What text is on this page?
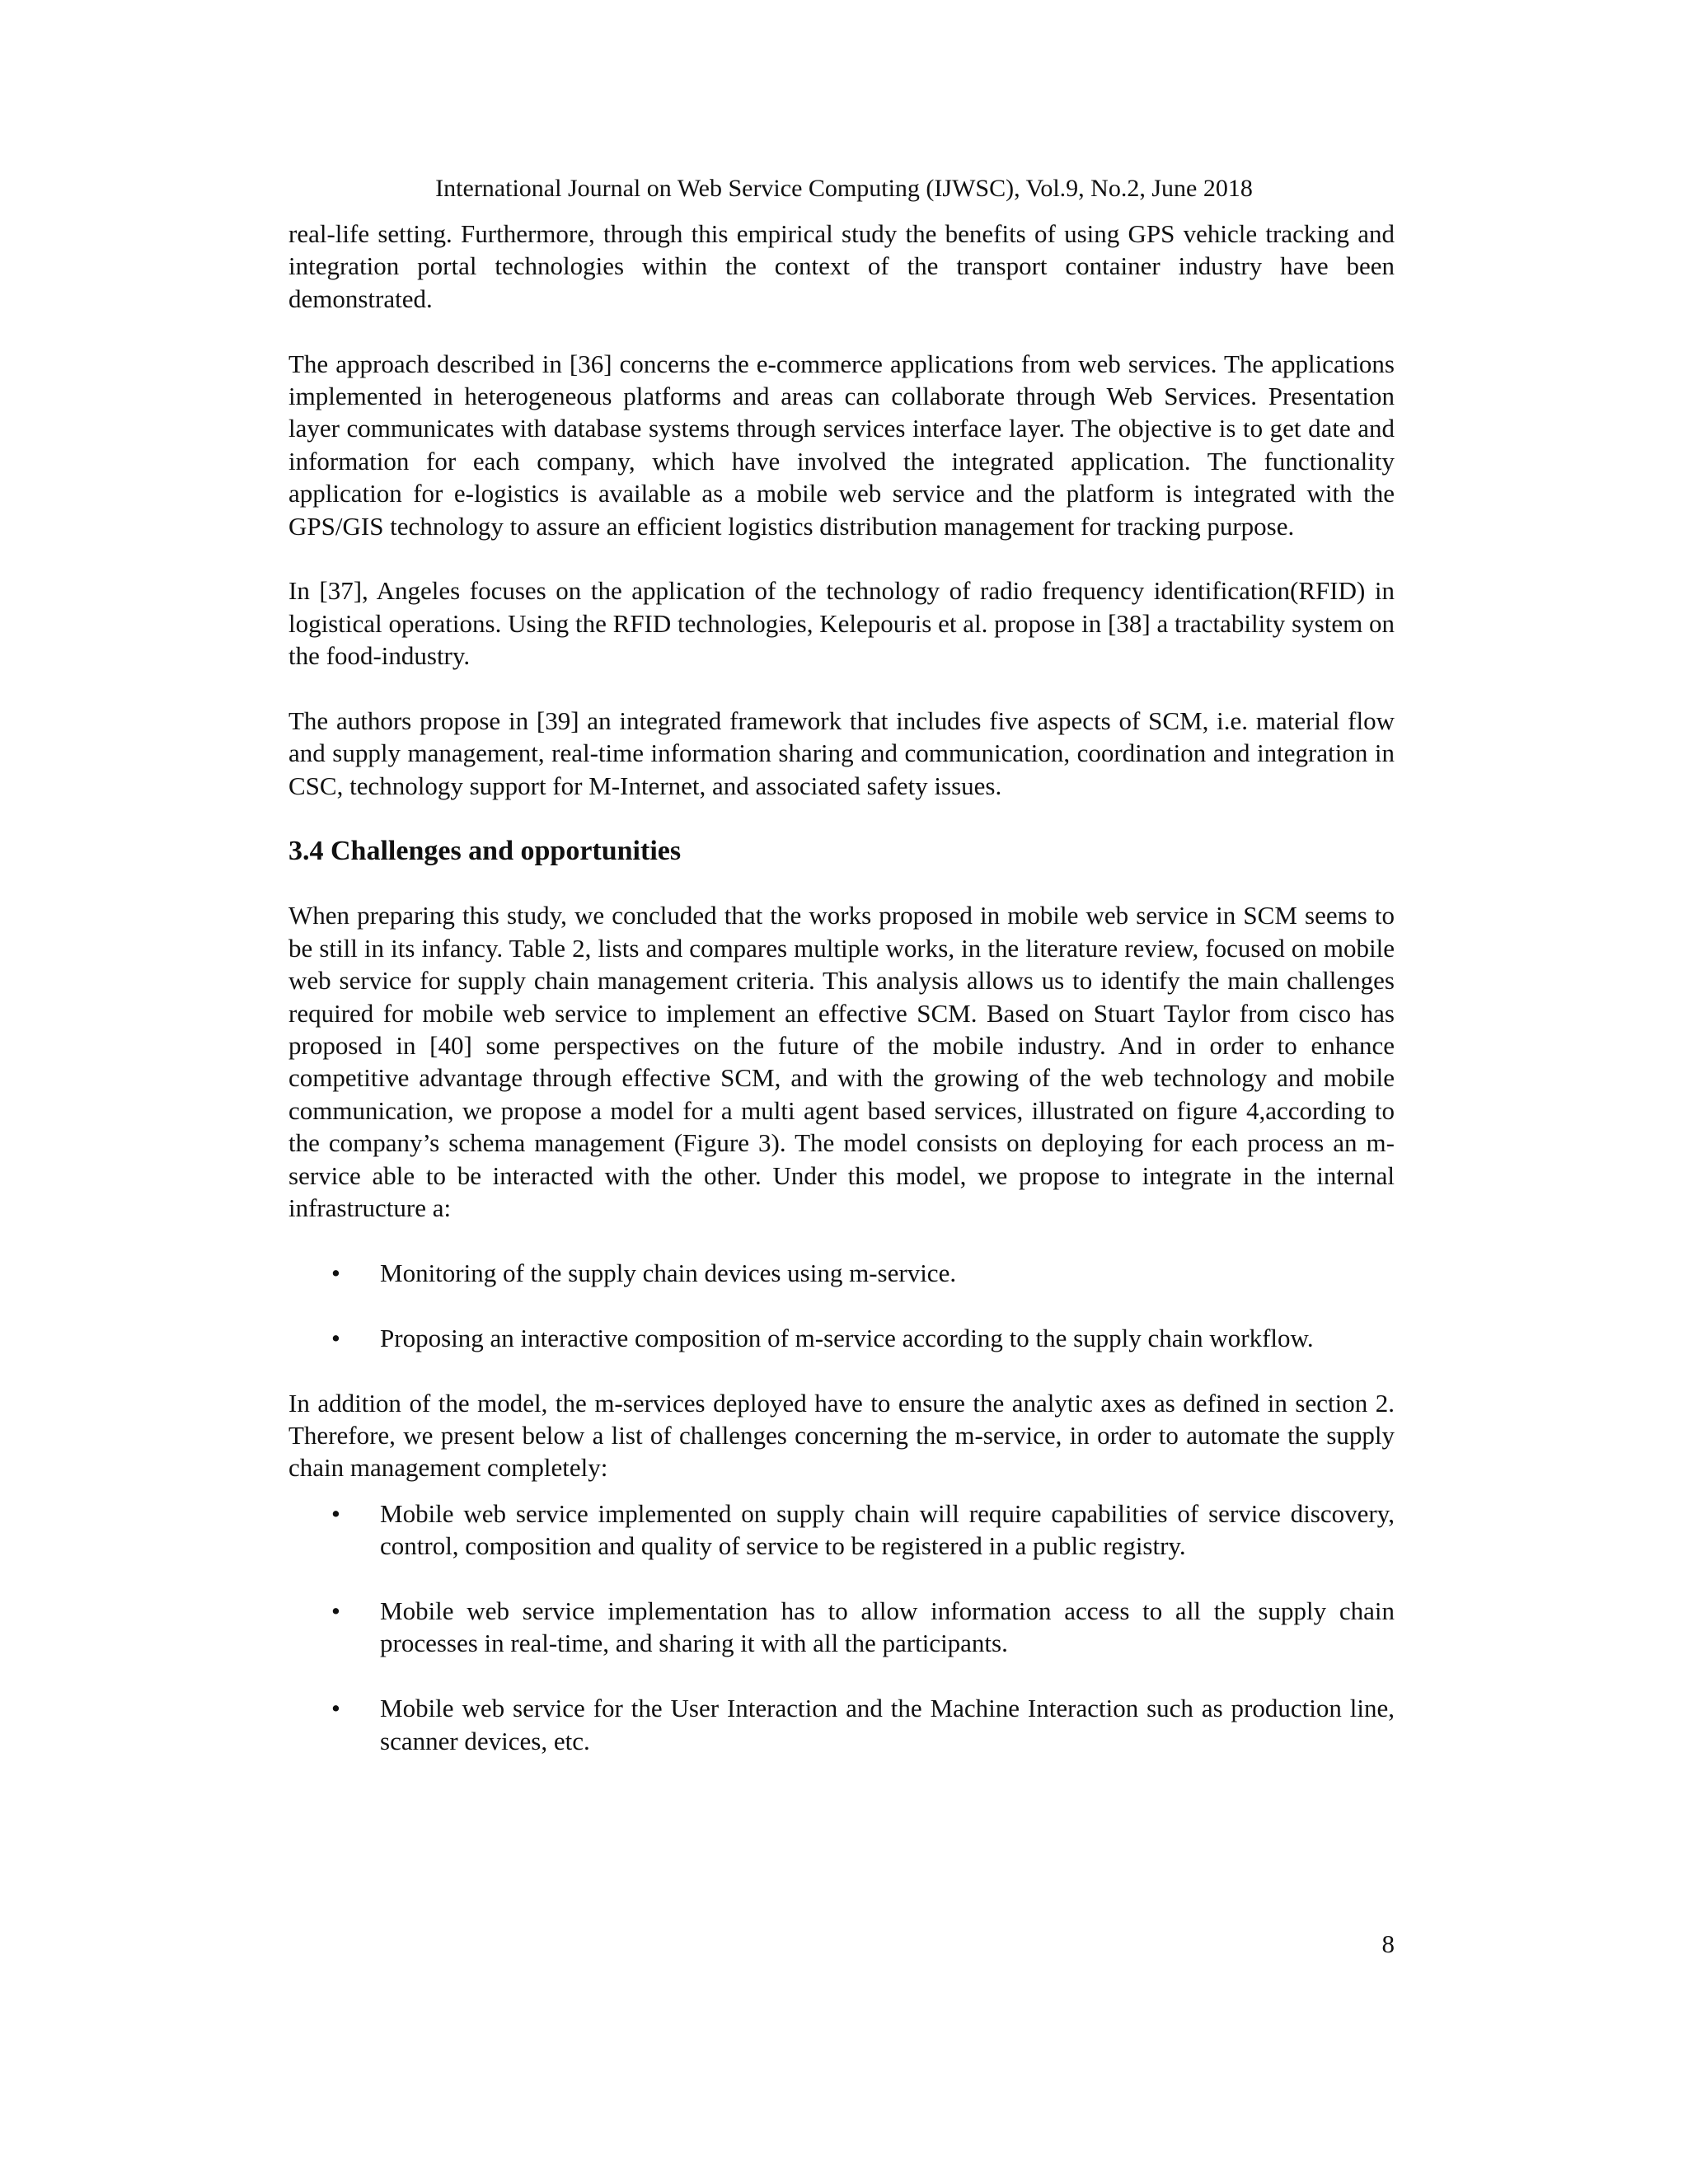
International Journal on Web Service Computing (IJWSC), Vol.9, No.2, June 2018

real-life setting. Furthermore, through this empirical study the benefits of using GPS vehicle tracking and integration portal technologies within the context of the transport container industry have been demonstrated.

The approach described in [36] concerns the e-commerce applications from web services. The applications implemented in heterogeneous platforms and areas can collaborate through Web Services. Presentation layer communicates with database systems through services interface layer. The objective is to get date and information for each company, which have involved the integrated application. The functionality application for e-logistics is available as a mobile web service and the platform is integrated with the GPS/GIS technology to assure an efficient logistics distribution management for tracking purpose.

In [37], Angeles focuses on the application of the technology of radio frequency identification(RFID) in logistical operations. Using the RFID technologies, Kelepouris et al. propose in [38] a tractability system on the food-industry.

The authors propose in [39] an integrated framework that includes five aspects of SCM, i.e. material flow and supply management, real-time information sharing and communication, coordination and integration in CSC, technology support for M-Internet, and associated safety issues.

3.4 Challenges and opportunities

When preparing this study, we concluded that the works proposed in mobile web service in SCM seems to be still in its infancy. Table 2, lists and compares multiple works, in the literature review, focused on mobile web service for supply chain management criteria. This analysis allows us to identify the main challenges required for mobile web service to implement an effective SCM. Based on Stuart Taylor from cisco has proposed in [40] some perspectives on the future of the mobile industry. And in order to enhance competitive advantage through effective SCM, and with the growing of the web technology and mobile communication, we propose a model for a multi agent based services, illustrated on figure 4,according to the company’s schema management (Figure 3). The model consists on deploying for each process an m-service able to be interacted with the other. Under this model, we propose to integrate in the internal infrastructure a:

• Monitoring of the supply chain devices using m-service.
• Proposing an interactive composition of m-service according to the supply chain workflow.

In addition of the model, the m-services deployed have to ensure the analytic axes as defined in section 2. Therefore, we present below a list of challenges concerning the m-service, in order to automate the supply chain management completely:

• Mobile web service implemented on supply chain will require capabilities of service discovery, control, composition and quality of service to be registered in a public registry.
• Mobile web service implementation has to allow information access to all the supply chain processes in real-time, and sharing it with all the participants.
• Mobile web service for the User Interaction and the Machine Interaction such as production line, scanner devices, etc.
8
